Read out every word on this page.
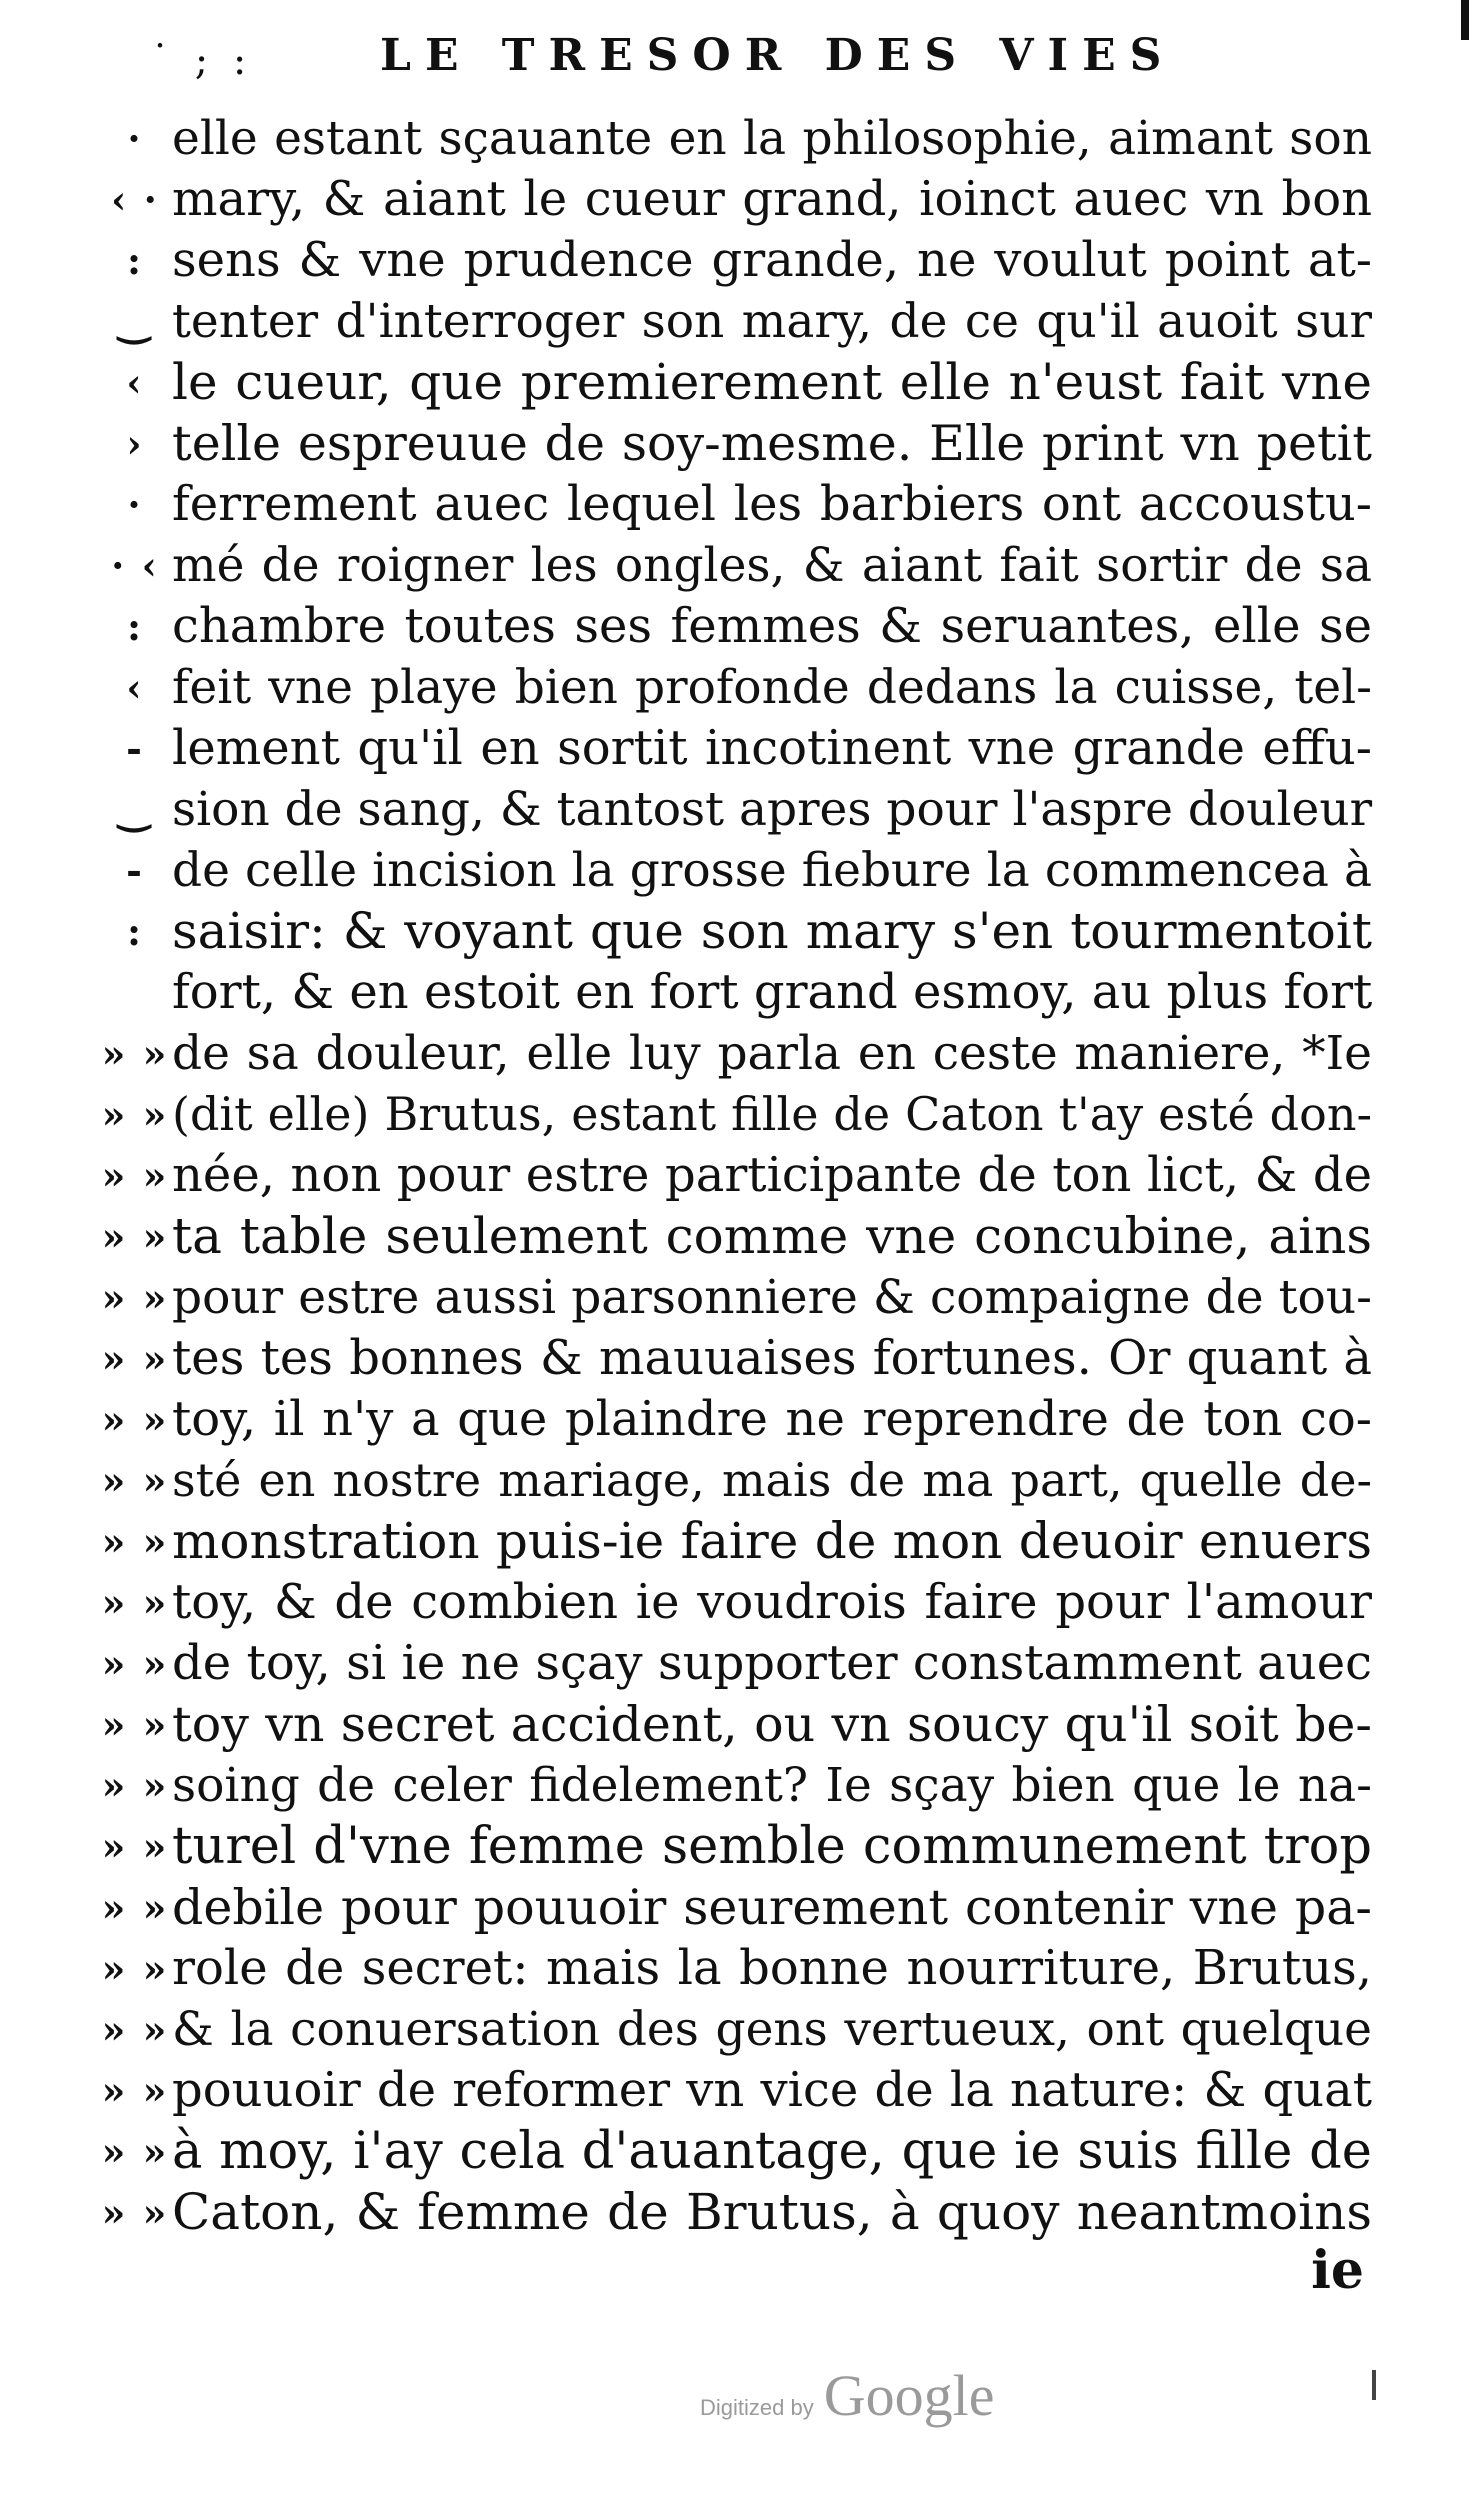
˙ ; :	LE TRESOR DES VIES
· elle estant sçauante en la philosophie, aimant son
‹ · mary, & aiant le cueur grand, ioinct auec vn bon
: sens & vne prudence grande, ne voulut point at-
‿ tenter d'interroger son mary, de ce qu'il auoit sur
‹ le cueur, que premierement elle n'eust fait vne
› telle espreuue de soy-mesme. Elle print vn petit
· ferrement auec lequel les barbiers ont accoustu-
· ‹ mé de roigner les ongles, & aiant fait sortir de sa
: chambre toutes ses femmes & seruantes, elle se
‹ feit vne playe bien profonde dedans la cuisse, tel-
- lement qu'il en sortit incotinent vne grande effu-
‿ sion de sang, & tantost apres pour l'aspre douleur
- de celle incision la grosse fiebure la commencea à
: saisir: & voyant que son mary s'en tourmentoit
fort, & en estoit en fort grand esmoy, au plus fort
» » de sa douleur, elle luy parla en ceste maniere, *Ie
» » (dit elle) Brutus, estant fille de Caton t'ay esté don-
» » née, non pour estre participante de ton lict, & de
» » ta table seulement comme vne concubine, ains
» » pour estre aussi parsonniere & compaigne de tou-
» » tes tes bonnes & mauuaises fortunes. Or quant à
» » toy, il n'y a que plaindre ne reprendre de ton co-
» » sté en nostre mariage, mais de ma part, quelle de-
» » monstration puis-ie faire de mon deuoir enuers
» » toy, & de combien ie voudrois faire pour l'amour
» » de toy, si ie ne sçay supporter constamment auec
» » toy vn secret accident, ou vn soucy qu'il soit be-
» » soing de celer fidelement? Ie sçay bien que le na-
» » turel d'vne femme semble communement trop
» » debile pour pouuoir seurement contenir vne pa-
» » role de secret: mais la bonne nourriture, Brutus,
» » & la conuersation des gens vertueux, ont quelque
» » pouuoir de reformer vn vice de la nature: & quat
» » à moy, i'ay cela d'auantage, que ie suis fille de
» » Caton, & femme de Brutus, à quoy neantmoins
ie
Digitized by Google
